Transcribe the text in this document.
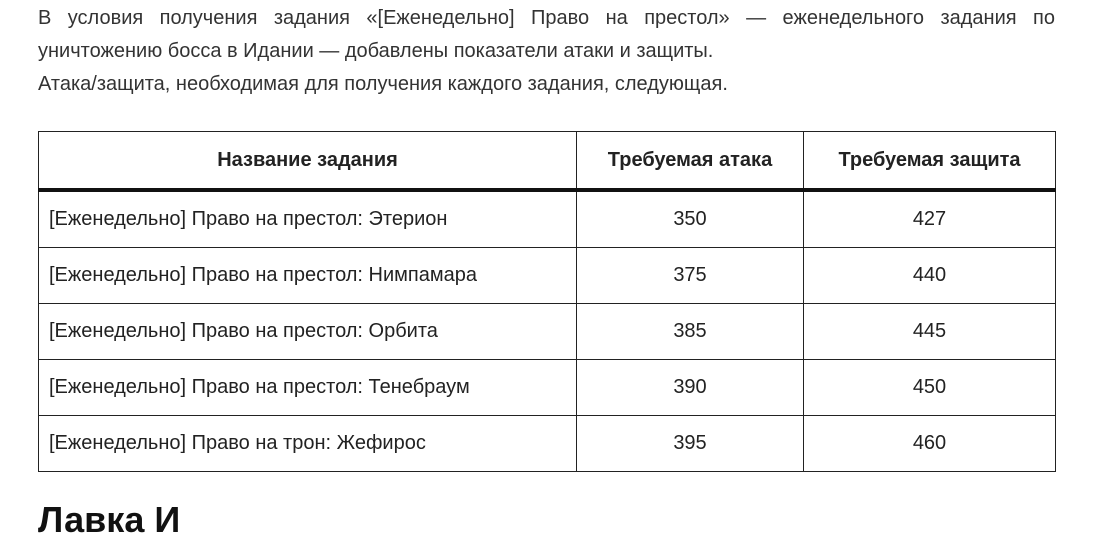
В условия получения задания «[Еженедельно] Право на престол» — еженедельного задания по уничтожению босса в Идании — добавлены показатели атаки и защиты.

Атака/защита, необходимая для получения каждого задания, следующая.

Название задания	Требуемая атака	Требуемая защита
[Еженедельно] Право на престол: Этерион	350	427
[Еженедельно] Право на престол: Нимпамара	375	440
[Еженедельно] Право на престол: Орбита	385	445
[Еженедельно] Право на престол: Тенебраум	390	450
[Еженедельно] Право на трон: Жефирос	395	460
Лавка И
